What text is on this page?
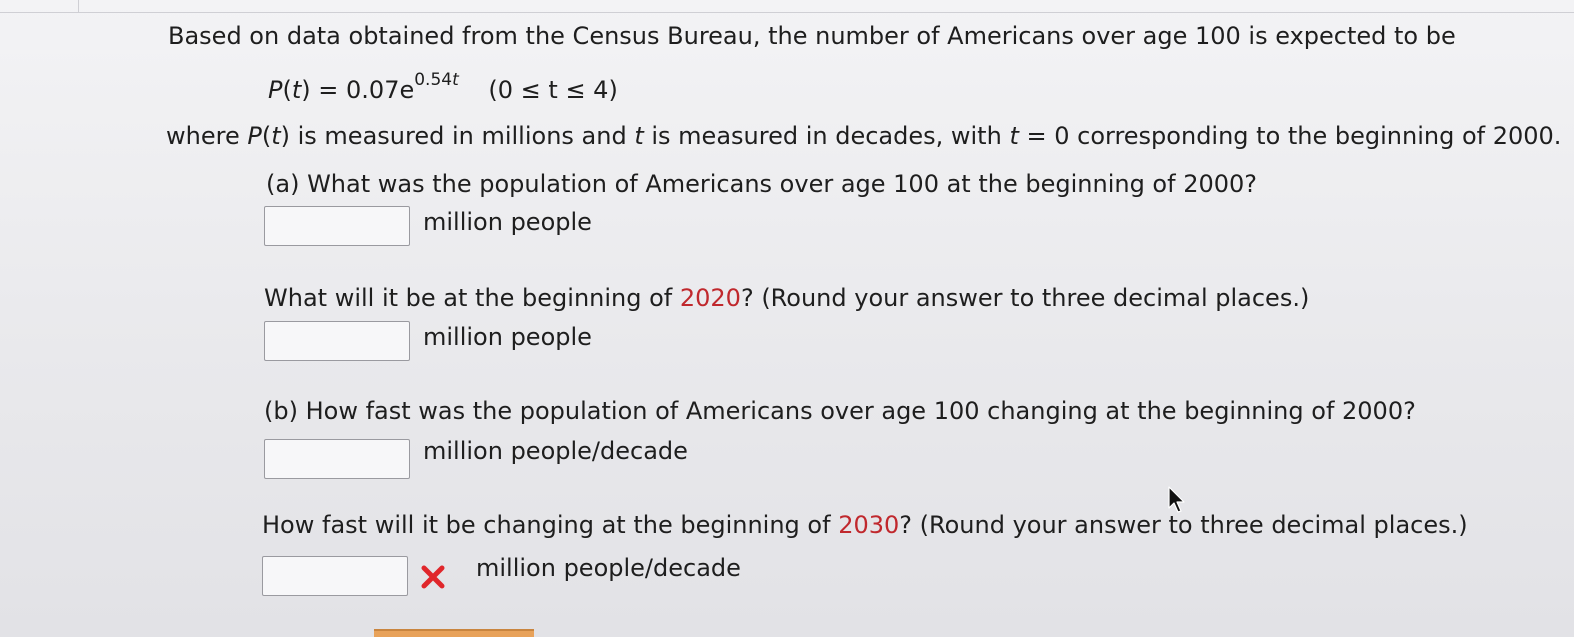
Based on data obtained from the Census Bureau, the number of Americans over age 100 is expected to be
$P(t) = 0.07e^{0.54t}$ (0 ≤ t ≤ 4)
where P(t) is measured in millions and t is measured in decades, with t = 0 corresponding to the beginning of 2000.
(a) What was the population of Americans over age 100 at the beginning of 2000?
million people
What will it be at the beginning of 2020? (Round your answer to three decimal places.)
million people
(b) How fast was the population of Americans over age 100 changing at the beginning of 2000?
million people/decade
How fast will it be changing at the beginning of 2030? (Round your answer to three decimal places.)
million people/decade
